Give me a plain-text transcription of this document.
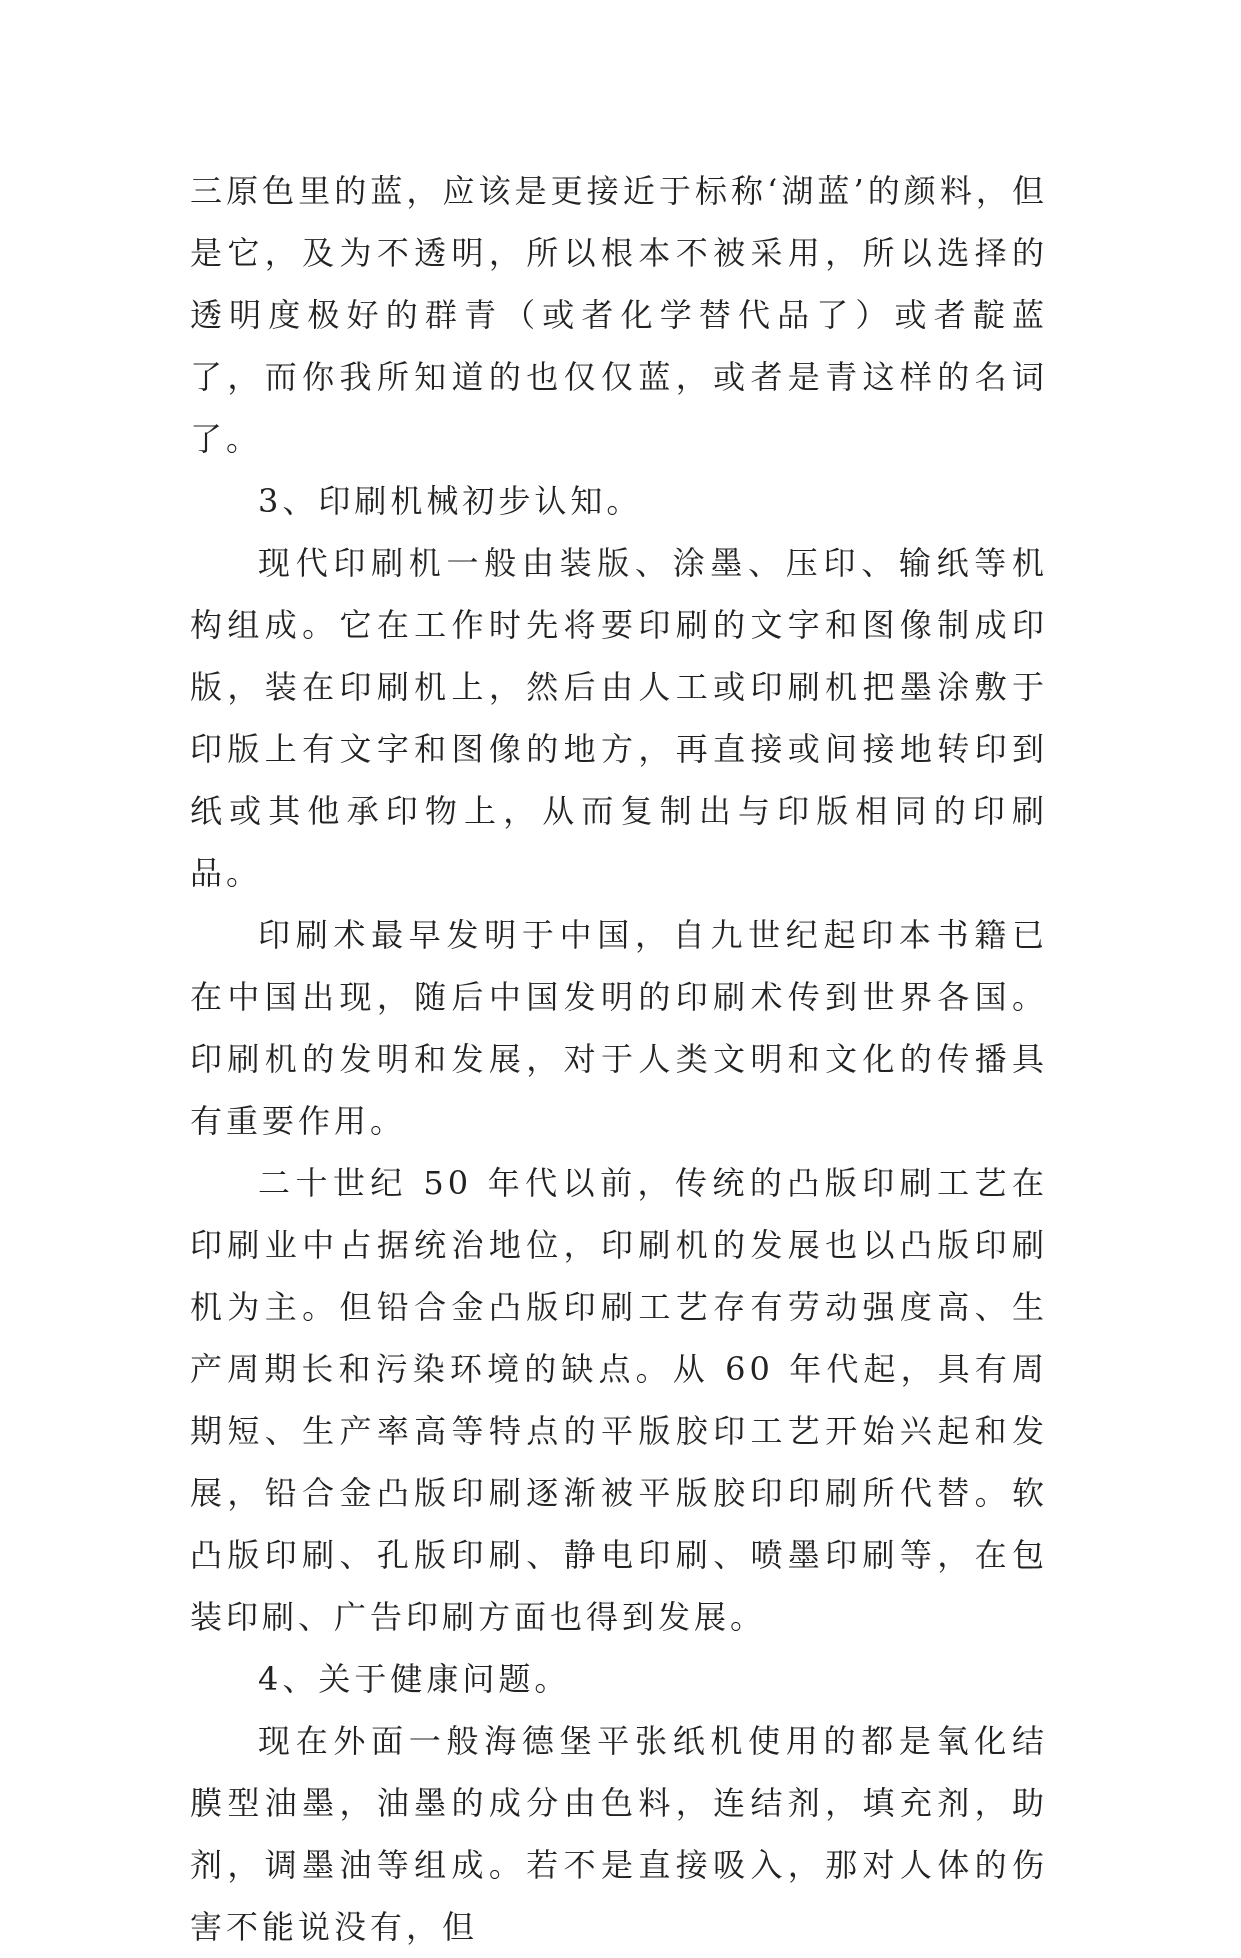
三原色里的蓝，应该是更接近于标称‘湖蓝’的颜料，但是它，及为不透明，所以根本不被采用，所以选择的透明度极好的群青（或者化学替代品了）或者靛蓝了，而你我所知道的也仅仅蓝，或者是青这样的名词了。

3、印刷机械初步认知。

现代印刷机一般由装版、涂墨、压印、输纸等机构组成。它在工作时先将要印刷的文字和图像制成印版，装在印刷机上，然后由人工或印刷机把墨涂敷于印版上有文字和图像的地方，再直接或间接地转印到纸或其他承印物上，从而复制出与印版相同的印刷品。

印刷术最早发明于中国，自九世纪起印本书籍已在中国出现，随后中国发明的印刷术传到世界各国。印刷机的发明和发展，对于人类文明和文化的传播具有重要作用。

二十世纪 50 年代以前，传统的凸版印刷工艺在印刷业中占据统治地位，印刷机的发展也以凸版印刷机为主。但铅合金凸版印刷工艺存有劳动强度高、生产周期长和污染环境的缺点。从 60 年代起，具有周期短、生产率高等特点的平版胶印工艺开始兴起和发展，铅合金凸版印刷逐渐被平版胶印印刷所代替。软凸版印刷、孔版印刷、静电印刷、喷墨印刷等，在包装印刷、广告印刷方面也得到发展。

4、关于健康问题。

现在外面一般海德堡平张纸机使用的都是氧化结膜型油墨，油墨的成分由色料，连结剂，填充剂，助剂，调墨油等组成。若不是直接吸入，那对人体的伤害不能说没有，但
